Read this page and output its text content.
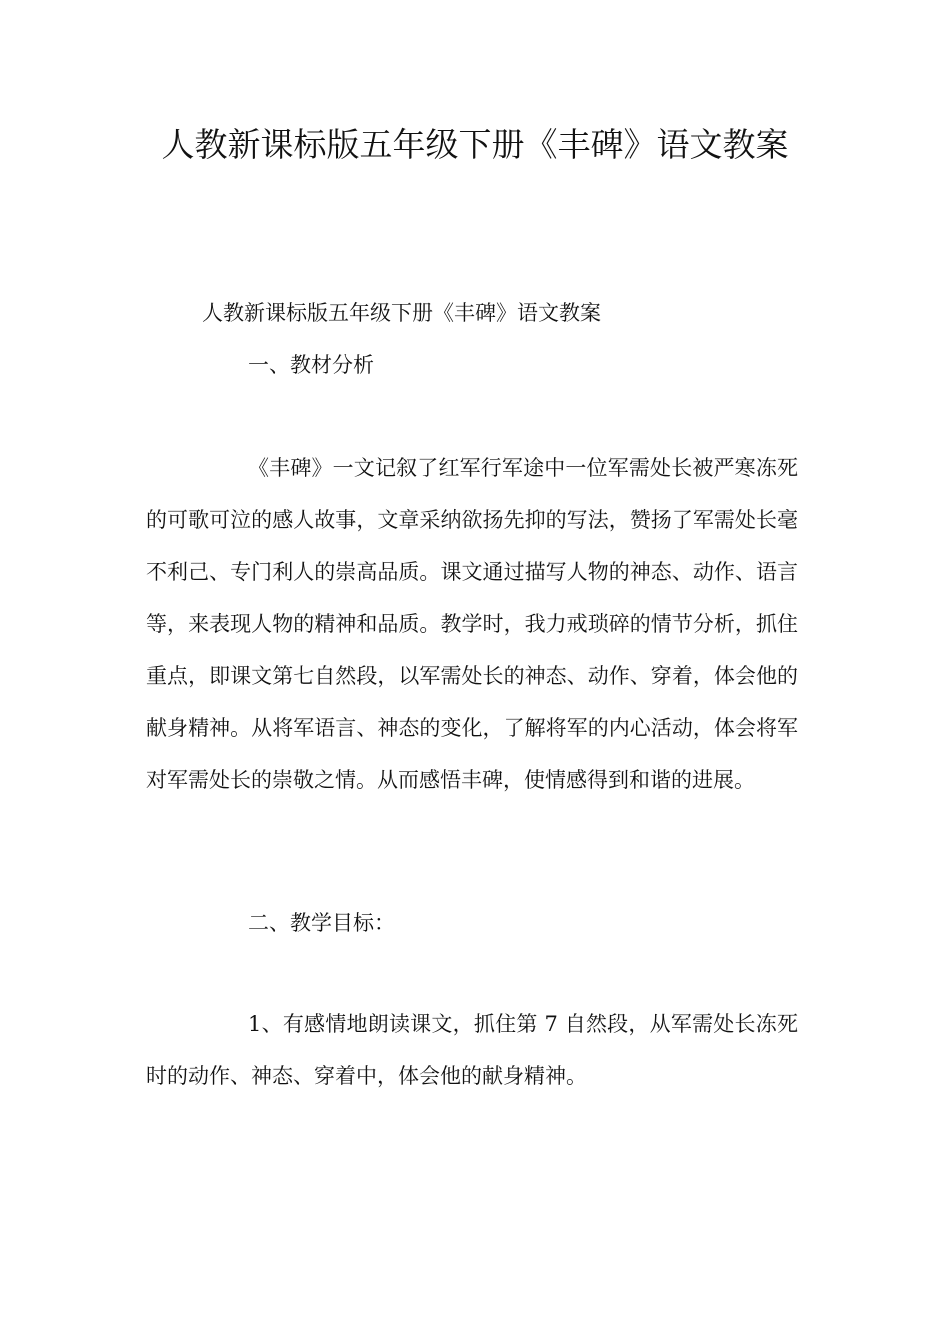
人教新课标版五年级下册《丰碑》语文教案
人教新课标版五年级下册《丰碑》语文教案
一、教材分析
《丰碑》一文记叙了红军行军途中一位军需处长被严寒冻死的可歌可泣的感人故事，文章采纳欲扬先抑的写法，赞扬了军需处长毫不利己、专门利人的崇高品质。课文通过描写人物的神态、动作、语言等，来表现人物的精神和品质。教学时，我力戒琐碎的情节分析，抓住重点，即课文第七自然段，以军需处长的神态、动作、穿着，体会他的献身精神。从将军语言、神态的变化，了解将军的内心活动，体会将军对军需处长的崇敬之情。从而感悟丰碑，使情感得到和谐的进展。
二、教学目标：
1、有感情地朗读课文，抓住第 7 自然段，从军需处长冻死时的动作、神态、穿着中，体会他的献身精神。
